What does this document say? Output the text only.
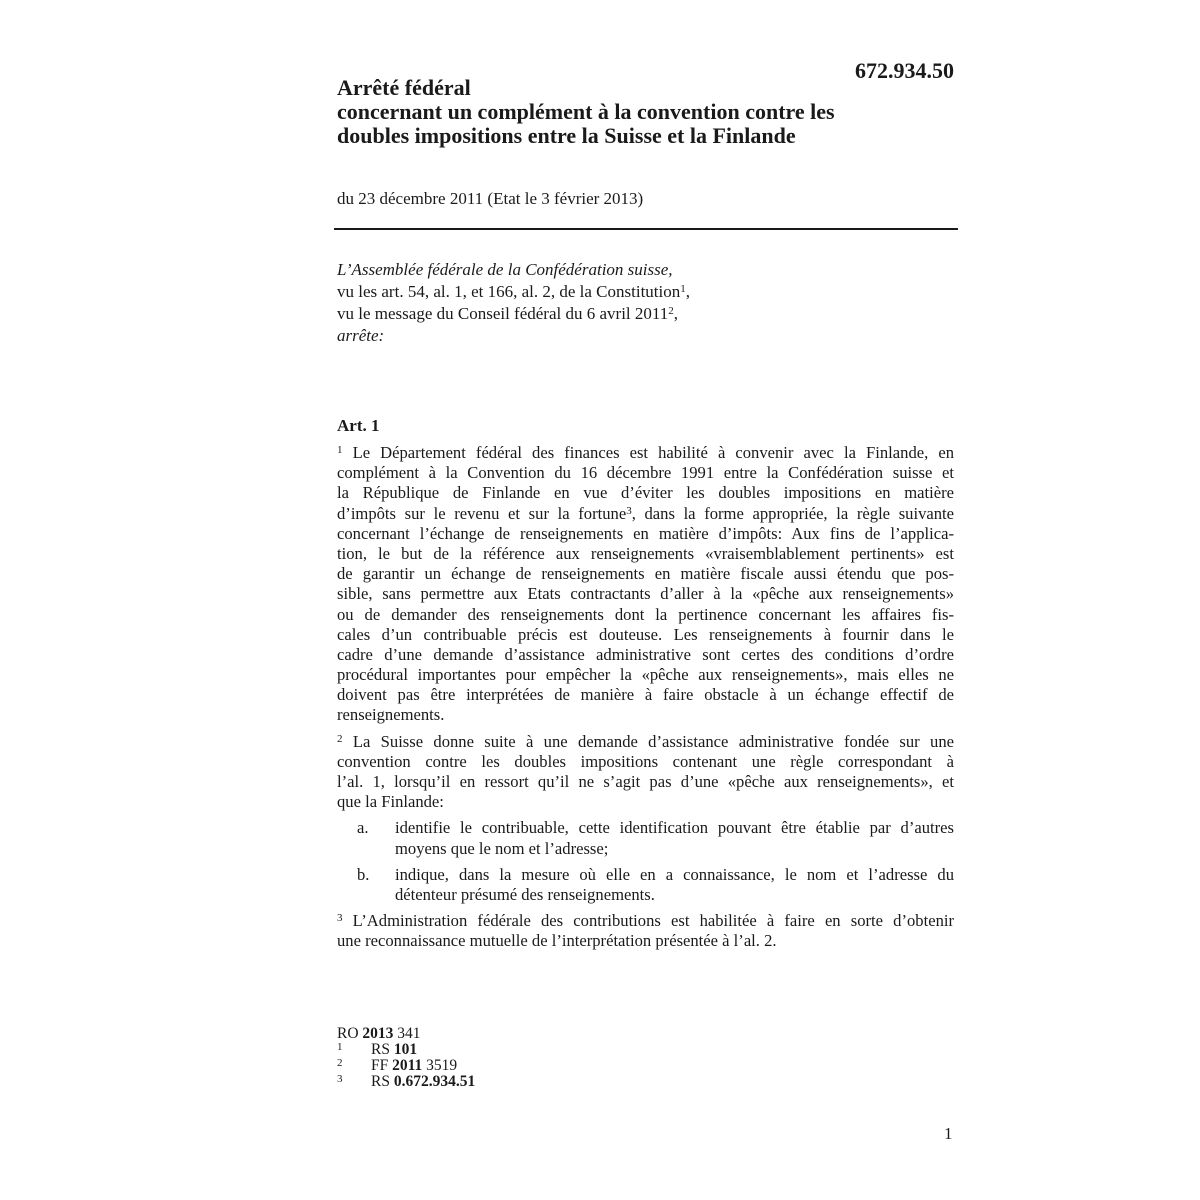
672.934.50
Arrêté fédéral
concernant un complément à la convention contre les
doubles impositions entre la Suisse et la Finlande
du 23 décembre 2011 (Etat le 3 février 2013)
L’Assemblée fédérale de la Confédération suisse,
vu les art. 54, al. 1, et 166, al. 2, de la Constitution$^1$,
vu le message du Conseil fédéral du 6 avril 2011$^2$,
arrête:
Art. 1
$^1$ Le Département fédéral des finances est habilité à convenir avec la Finlande, en
complément à la Convention du 16 décembre 1991 entre la Confédération suisse et
la République de Finlande en vue d’éviter les doubles impositions en matière
d’impôts sur le revenu et sur la fortune$^3$, dans la forme appropriée, la règle suivante
concernant l’échange de renseignements en matière d’impôts: Aux fins de l’applica-
tion, le but de la référence aux renseignements «vraisemblablement pertinents» est
de garantir un échange de renseignements en matière fiscale aussi étendu que pos-
sible, sans permettre aux Etats contractants d’aller à la «pêche aux renseignements»
ou de demander des renseignements dont la pertinence concernant les affaires fis-
cales d’un contribuable précis est douteuse. Les renseignements à fournir dans le
cadre d’une demande d’assistance administrative sont certes des conditions d’ordre
procédural importantes pour empêcher la «pêche aux renseignements», mais elles ne
doivent pas être interprétées de manière à faire obstacle à un échange effectif de
renseignements.
$^2$ La Suisse donne suite à une demande d’assistance administrative fondée sur une
convention contre les doubles impositions contenant une règle correspondant à
l’al. 1, lorsqu’il en ressort qu’il ne s’agit pas d’une «pêche aux renseignements», et
que la Finlande:
a. identifie le contribuable, cette identification pouvant être établie par d’autres
moyens que le nom et l’adresse;
b. indique, dans la mesure où elle en a connaissance, le nom et l’adresse du
détenteur présumé des renseignements.
$^3$ L’Administration fédérale des contributions est habilitée à faire en sorte d’obtenir
une reconnaissance mutuelle de l’interprétation présentée à l’al. 2.
RO 2013 341
1 RS 101
2 FF 2011 3519
3 RS 0.672.934.51
1
